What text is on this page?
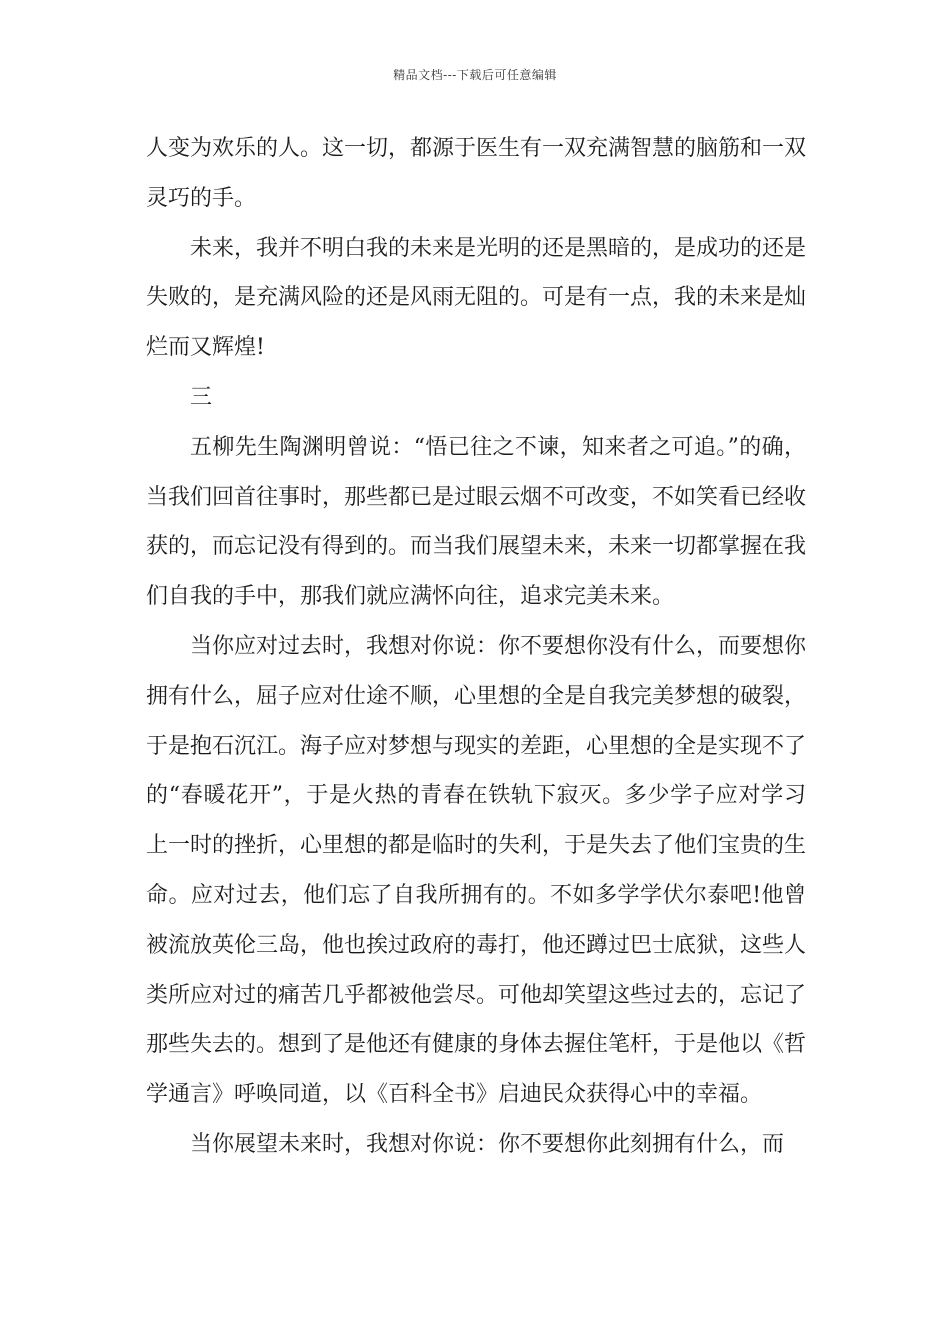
精品文档---下载后可任意编辑

人变为欢乐的人。这一切，都源于医生有一双充满智慧的脑筋和一双灵巧的手。

未来，我并不明白我的未来是光明的还是黑暗的，是成功的还是失败的，是充满风险的还是风雨无阻的。可是有一点，我的未来是灿烂而又辉煌!

三

五柳先生陶渊明曾说：“悟已往之不谏，知来者之可追。”的确，当我们回首往事时，那些都已是过眼云烟不可改变，不如笑看已经收获的，而忘记没有得到的。而当我们展望未来，未来一切都掌握在我们自我的手中，那我们就应满怀向往，追求完美未来。

当你应对过去时，我想对你说：你不要想你没有什么，而要想你拥有什么，屈子应对仕途不顺，心里想的全是自我完美梦想的破裂，于是抱石沉江。海子应对梦想与现实的差距，心里想的全是实现不了的“春暖花开”，于是火热的青春在铁轨下寂灭。多少学子应对学习上一时的挫折，心里想的都是临时的失利，于是失去了他们宝贵的生命。应对过去，他们忘了自我所拥有的。不如多学学伏尔泰吧!他曾被流放英伦三岛，他也挨过政府的毒打，他还蹲过巴士底狱，这些人类所应对过的痛苦几乎都被他尝尽。可他却笑望这些过去的，忘记了那些失去的。想到了是他还有健康的身体去握住笔杆，于是他以《哲学通言》呼唤同道，以《百科全书》启迪民众获得心中的幸福。

当你展望未来时，我想对你说：你不要想你此刻拥有什么，而
